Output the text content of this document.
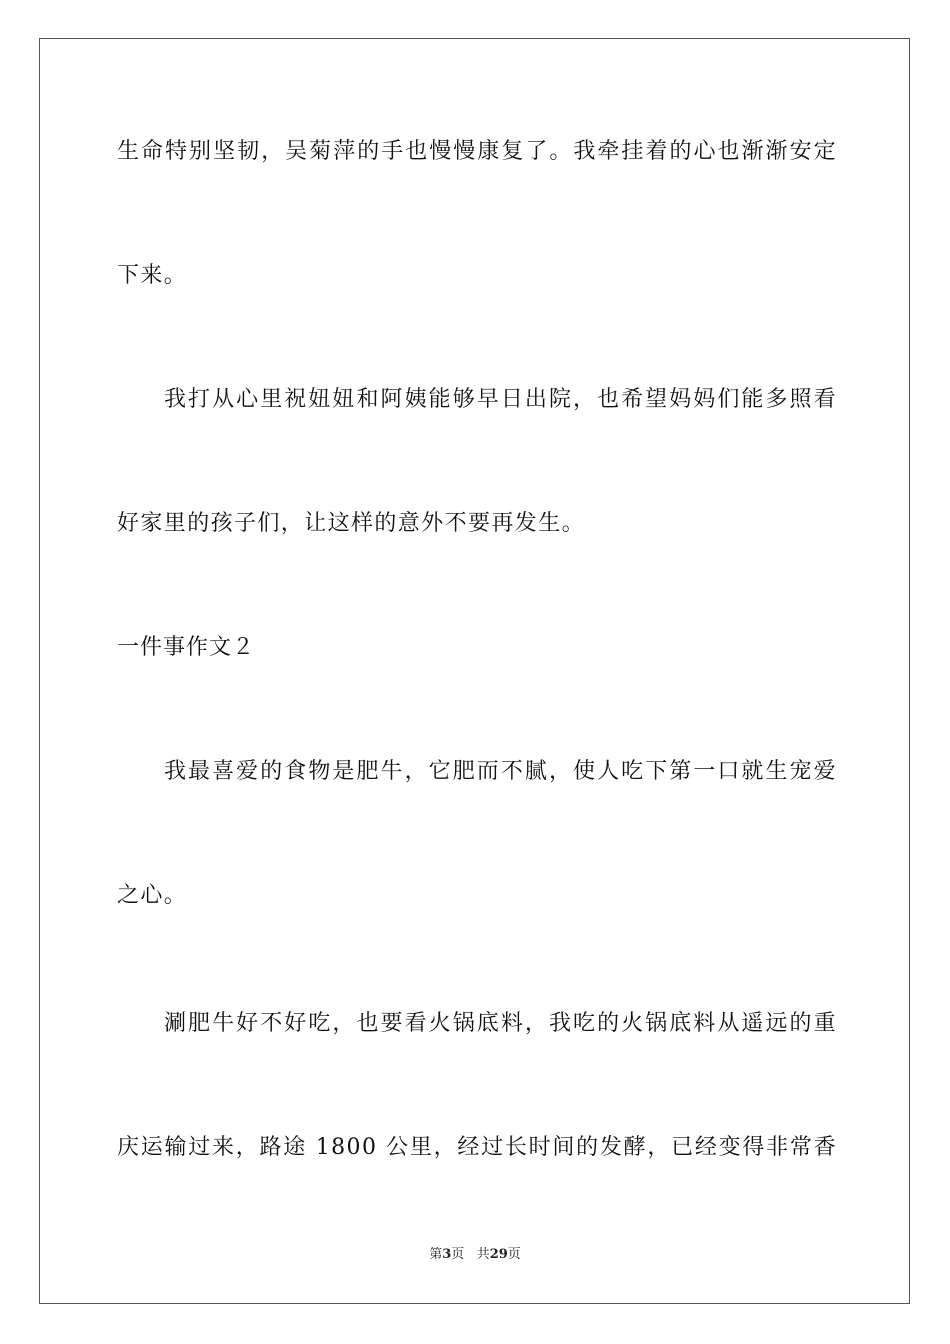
生命特别坚韧，吴菊萍的手也慢慢康复了。我牵挂着的心也渐渐安定
下来。
我打从心里祝妞妞和阿姨能够早日出院，也希望妈妈们能多照看
好家里的孩子们，让这样的意外不要再发生。
一件事作文２
我最喜爱的食物是肥牛，它肥而不腻，使人吃下第一口就生宠爱
之心。
涮肥牛好不好吃，也要看火锅底料，我吃的火锅底料从遥远的重
庆运输过来，路途 1800 公里，经过长时间的发酵，已经变得非常香
第3页 共29页
